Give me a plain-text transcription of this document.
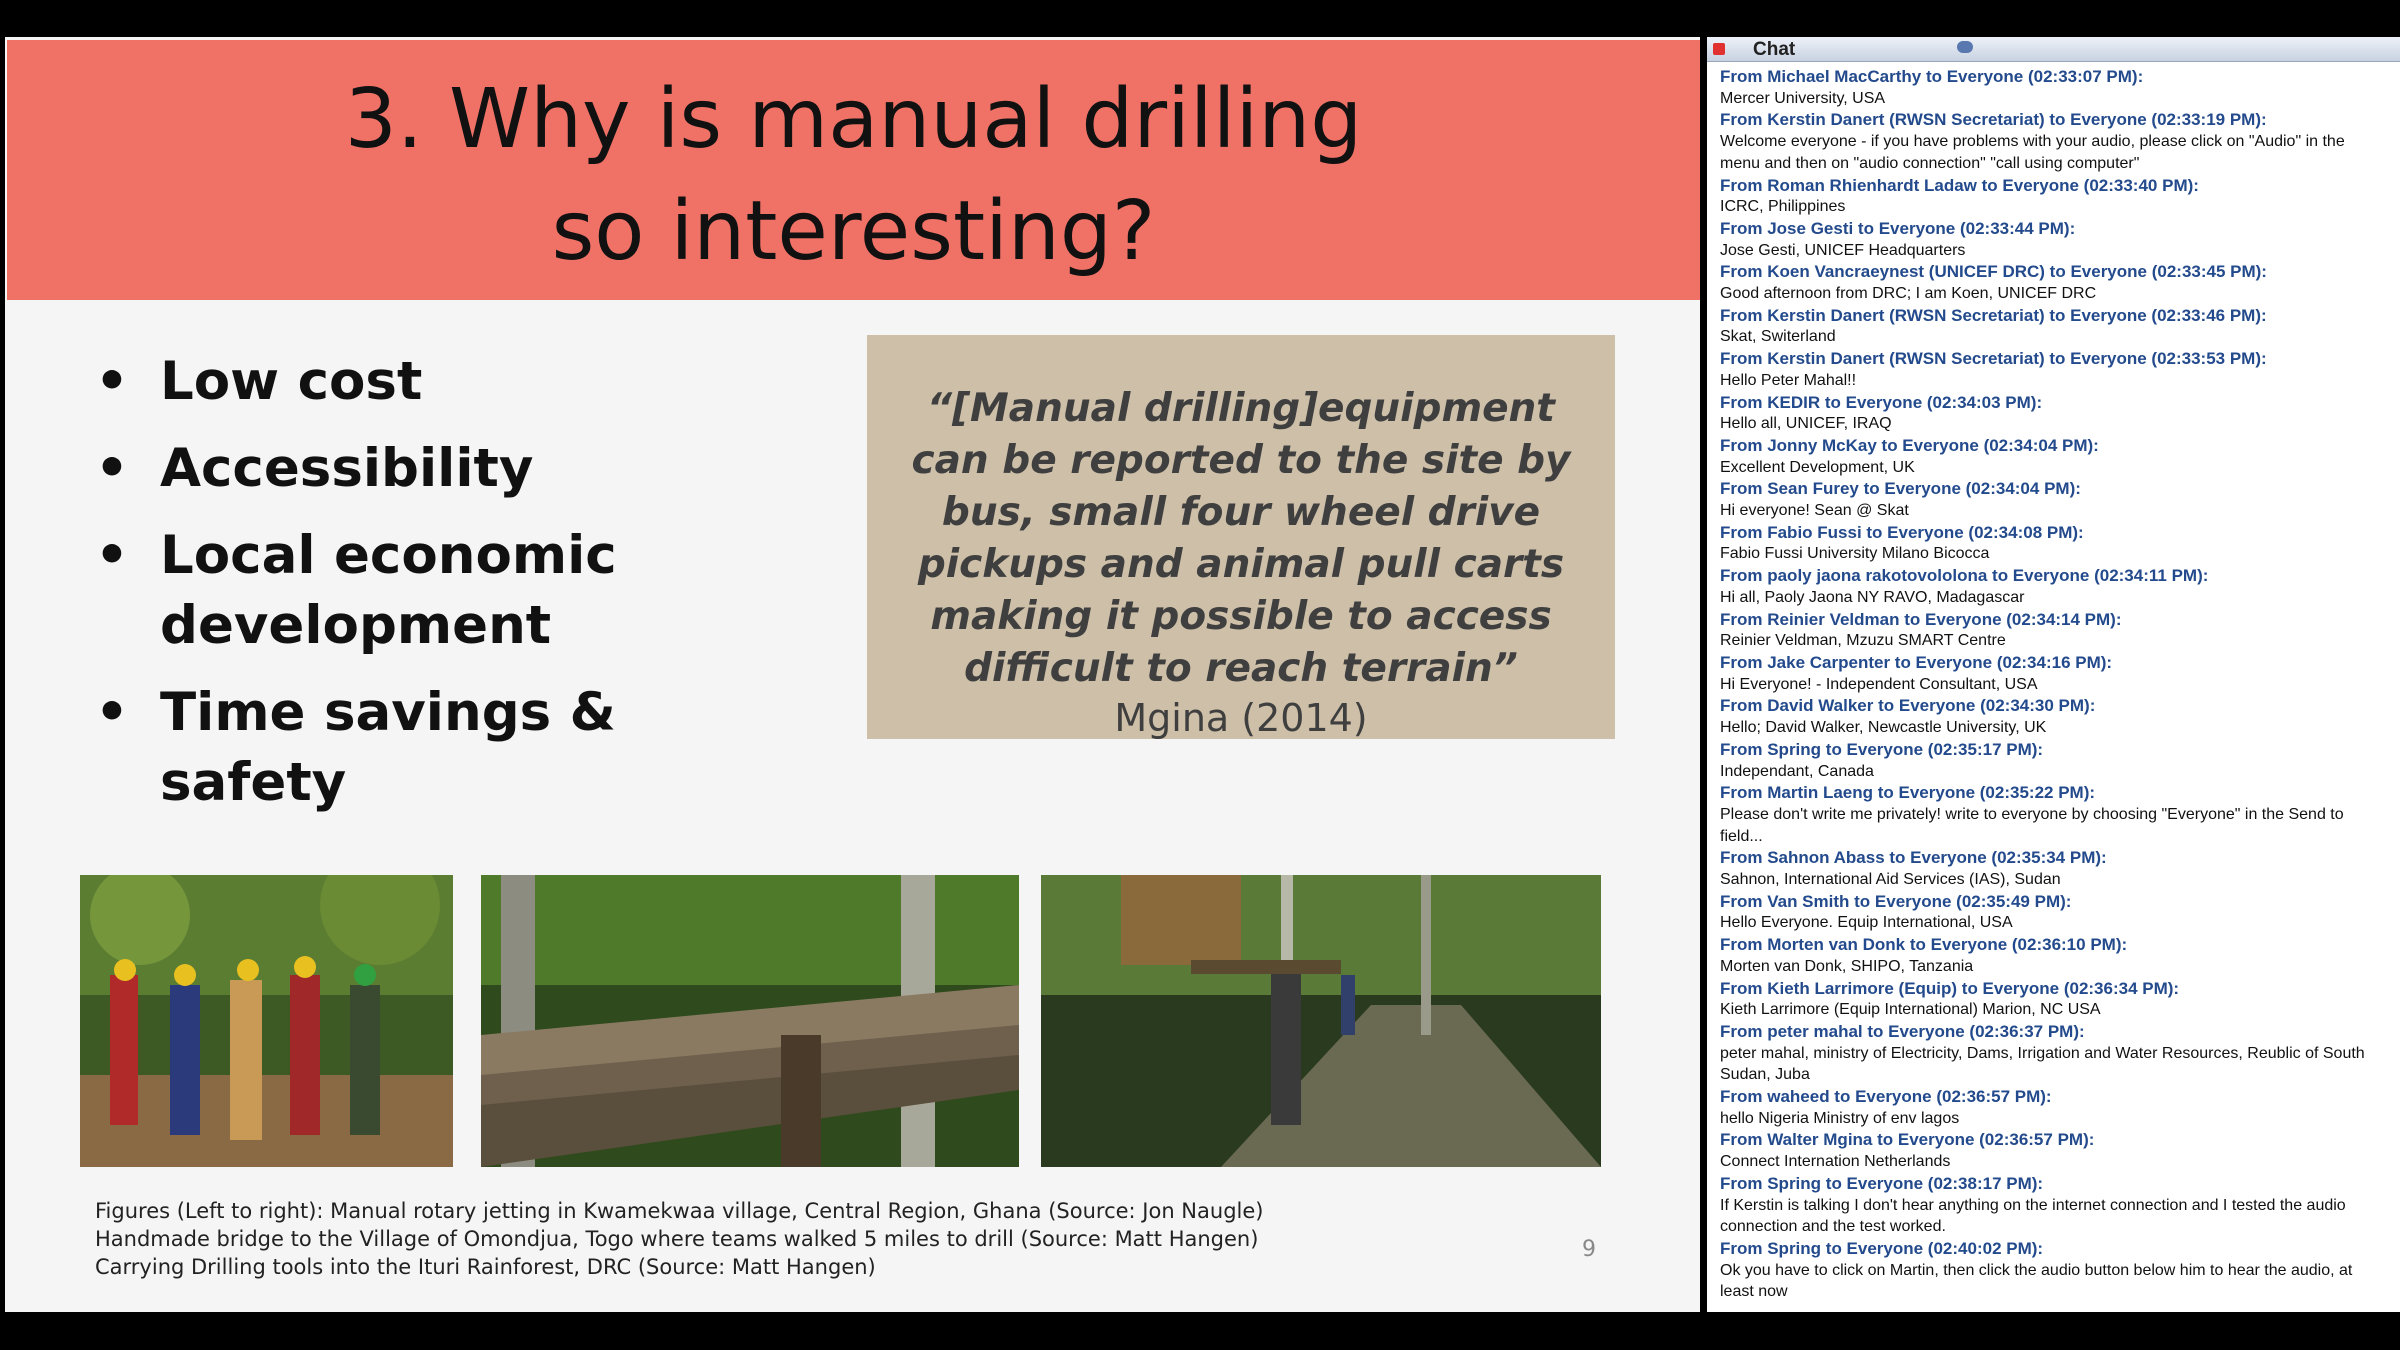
3. Why is manual drilling
so interesting?
• Low cost
• Accessibility
• Local economic development
• Time savings & safety
“[Manual drilling]equipment can be reported to the site by bus, small four wheel drive pickups and animal pull carts making it possible to access difficult to reach terrain”
Mgina (2014)
Figures (Left to right): Manual rotary jetting in Kwamekwaa village, Central Region, Ghana (Source: Jon Naugle)
Handmade bridge to the Village of Omondjua, Togo where teams walked 5 miles to drill (Source: Matt Hangen)
Carrying Drilling tools into the Ituri Rainforest, DRC (Source: Matt Hangen)
9
Chat
From Michael MacCarthy to Everyone (02:33:07 PM):
Mercer University, USA
From Kerstin Danert (RWSN Secretariat) to Everyone (02:33:19 PM):
Welcome everyone - if you have problems with your audio, please click on "Audio" in the menu and then on "audio connection" "call using computer"
From Roman Rhienhardt Ladaw to Everyone (02:33:40 PM):
ICRC, Philippines
From Jose Gesti to Everyone (02:33:44 PM):
Jose Gesti, UNICEF Headquarters
From Koen Vancraeynest (UNICEF DRC) to Everyone (02:33:45 PM):
Good afternoon from DRC; I am Koen, UNICEF DRC
From Kerstin Danert (RWSN Secretariat) to Everyone (02:33:46 PM):
Skat, Switerland
From Kerstin Danert (RWSN Secretariat) to Everyone (02:33:53 PM):
Hello Peter Mahal!!
From KEDIR to Everyone (02:34:03 PM):
Hello all, UNICEF, IRAQ
From Jonny McKay to Everyone (02:34:04 PM):
Excellent Development, UK
From Sean Furey to Everyone (02:34:04 PM):
Hi everyone! Sean @ Skat
From Fabio Fussi to Everyone (02:34:08 PM):
Fabio Fussi University Milano Bicocca
From paoly jaona rakotovololona to Everyone (02:34:11 PM):
Hi all, Paoly Jaona NY RAVO, Madagascar
From Reinier Veldman to Everyone (02:34:14 PM):
Reinier Veldman, Mzuzu SMART Centre
From Jake Carpenter to Everyone (02:34:16 PM):
Hi Everyone! - Independent Consultant, USA
From David Walker to Everyone (02:34:30 PM):
Hello; David Walker, Newcastle University, UK
From Spring to Everyone (02:35:17 PM):
Independant, Canada
From Martin Laeng to Everyone (02:35:22 PM):
Please don't write me privately! write to everyone by choosing "Everyone" in the Send to field...
From Sahnon Abass to Everyone (02:35:34 PM):
Sahnon, International Aid Services (IAS), Sudan
From Van Smith to Everyone (02:35:49 PM):
Hello Everyone. Equip International, USA
From Morten van Donk to Everyone (02:36:10 PM):
Morten van Donk, SHIPO, Tanzania
From Kieth Larrimore (Equip) to Everyone (02:36:34 PM):
Kieth Larrimore (Equip International) Marion, NC USA
From peter mahal to Everyone (02:36:37 PM):
peter mahal, ministry of Electricity, Dams, Irrigation and Water Resources, Reublic of South Sudan, Juba
From waheed to Everyone (02:36:57 PM):
hello Nigeria Ministry of env lagos
From Walter Mgina to Everyone (02:36:57 PM):
Connect Internation Netherlands
From Spring to Everyone (02:38:17 PM):
If Kerstin is talking I don't hear anything on the internet connection and I tested the audio connection and the test worked.
From Spring to Everyone (02:40:02 PM):
Ok you have to click on Martin, then click the audio button below him to hear the audio, at least now
